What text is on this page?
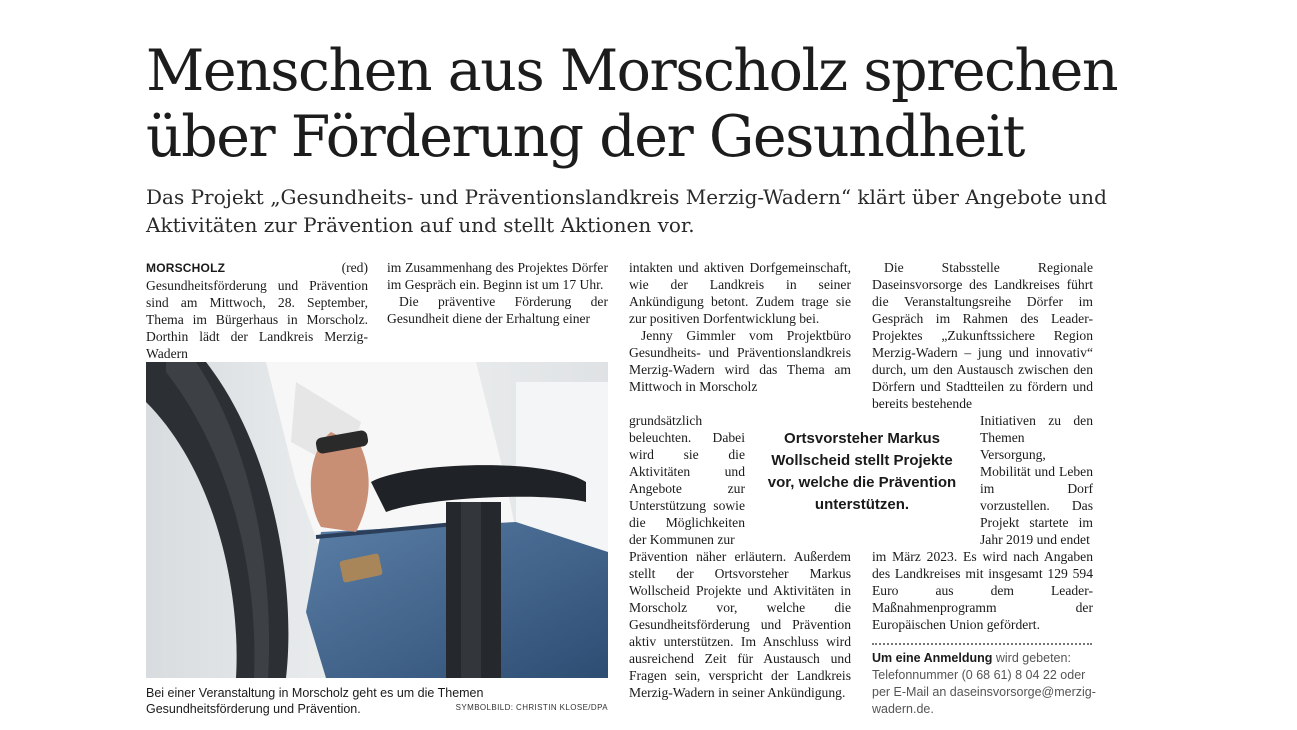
Menschen aus Morscholz sprechen
über Förderung der Gesundheit

Das Projekt „Gesundheits- und Präventionslandkreis Merzig-Wadern“ klärt über Angebote und Aktivitäten zur Prävention auf und stellt Aktionen vor.

MORSCHOLZ (red) Gesundheitsförderung und Prävention sind am Mittwoch, 28. September, Thema im Bürgerhaus in Morscholz. Dorthin lädt der Landkreis Merzig-Wadern

im Zusammenhang des Projektes Dörfer im Gespräch ein. Beginn ist um 17 Uhr.

Die präventive Förderung der Gesundheit diene der Erhaltung einer

Bei einer Veranstaltung in Morscholz geht es um die Themen Gesundheitsförderung und Prävention.	SYMBOLBILD: CHRISTIN KLOSE/DPA

intakten und aktiven Dorfgemeinschaft, wie der Landkreis in seiner Ankündigung betont. Zudem trage sie zur positiven Dorfentwicklung bei.

Jenny Gimmler vom Projektbüro Gesundheits- und Präventionslandkreis Merzig-Wadern wird das Thema am Mittwoch in Morscholz

grundsätzlich beleuchten. Dabei wird sie die Aktivitäten und Angebote zur Unterstützung sowie die Möglichkeiten der Kommunen zur

Prävention näher erläutern. Außerdem stellt der Ortsvorsteher Markus Wollscheid Projekte und Aktivitäten in Morscholz vor, welche die Gesundheitsförderung und Prävention aktiv unterstützen. Im Anschluss wird ausreichend Zeit für Austausch und Fragen sein, verspricht der Landkreis Merzig-Wadern in seiner Ankündigung.

Ortsvorsteher Markus Wollscheid stellt Projekte vor, welche die Prävention unterstützen.

Die Stabsstelle Regionale Daseinsvorsorge des Landkreises führt die Veranstaltungsreihe Dörfer im Gespräch im Rahmen des Leader-Projektes „Zukunftssichere Region Merzig-Wadern – jung und innovativ“ durch, um den Austausch zwischen den Dörfern und Stadtteilen zu fördern und bereits bestehende

Initiativen zu den Themen Versorgung, Mobilität und Leben im Dorf vorzustellen. Das Projekt startete im Jahr 2019 und endet

im März 2023. Es wird nach Angaben des Landkreises mit insgesamt 129 594 Euro aus dem Leader-Maßnahmenprogramm der Europäischen Union gefördert.

Um eine Anmeldung wird gebeten: Telefonnummer (0 68 61) 8 04 22 oder per E-Mail an daseinsvorsorge@merzig-wadern.de.
